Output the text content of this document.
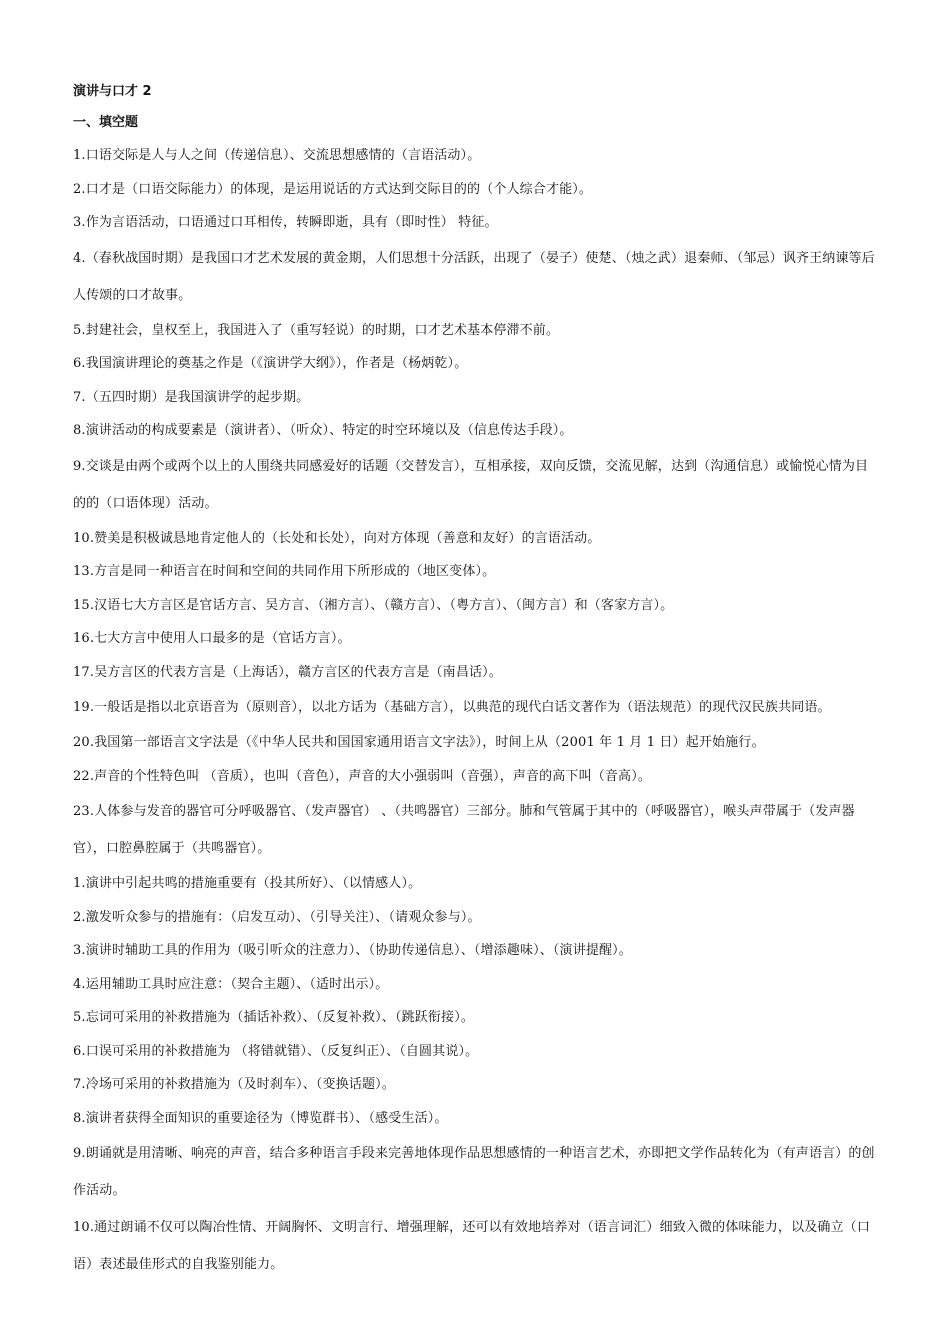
演讲与口才 2

一、填空题

1.口语交际是人与人之间（传递信息）、交流思想感情的（言语活动）。

2.口才是（口语交际能力）的体现，是运用说话的方式达到交际目的的（个人综合才能）。

3.作为言语活动，口语通过口耳相传，转瞬即逝，具有（即时性） 特征。

4.（春秋战国时期）是我国口才艺术发展的黄金期，人们思想十分活跃，出现了（晏子）使楚、（烛之武）退秦师、（邹忌）讽齐王纳谏等后人传颂的口才故事。

5.封建社会，皇权至上，我国进入了（重写轻说）的时期，口才艺术基本停滞不前。

6.我国演讲理论的奠基之作是（《演讲学大纲》），作者是（杨炳乾）。

7.（五四时期）是我国演讲学的起步期。

8.演讲活动的构成要素是（演讲者）、（听众）、特定的时空环境以及（信息传达手段）。

9.交谈是由两个或两个以上的人围绕共同感爱好的话题（交替发言），互相承接，双向反馈，交流见解，达到（沟通信息）或愉悦心情为目的的（口语体现）活动。

10.赞美是积极诚恳地肯定他人的（长处和长处），向对方体现（善意和友好）的言语活动。

13.方言是同一种语言在时间和空间的共同作用下所形成的（地区变体）。

15.汉语七大方言区是官话方言、吴方言、（湘方言）、（赣方言）、（粤方言）、（闽方言）和（客家方言）。

16.七大方言中使用人口最多的是（官话方言）。

17.吴方言区的代表方言是（上海话），赣方言区的代表方言是（南昌话）。

19.一般话是指以北京语音为（原则音），以北方话为（基础方言），以典范的现代白话文著作为（语法规范）的现代汉民族共同语。

20.我国第一部语言文字法是（《中华人民共和国国家通用语言文字法》），时间上从（2001 年 1 月 1 日）起开始施行。

22.声音的个性特色叫 （音质），也叫（音色），声音的大小强弱叫（音强），声音的高下叫（音高）。

23.人体参与发音的器官可分呼吸器官、（发声器官） 、（共鸣器官）三部分。肺和气管属于其中的（呼吸器官），喉头声带属于（发声器官），口腔鼻腔属于（共鸣器官）。

1.演讲中引起共鸣的措施重要有（投其所好）、（以情感人）。

2.激发听众参与的措施有：（启发互动）、（引导关注）、（请观众参与）。

3.演讲时辅助工具的作用为（吸引听众的注意力）、（协助传递信息）、（增添趣味）、（演讲提醒）。

4.运用辅助工具时应注意：（契合主题）、（适时出示）。

5.忘词可采用的补救措施为（插话补救）、（反复补救）、（跳跃衔接）。

6.口误可采用的补救措施为 （将错就错）、（反复纠正）、（自圆其说）。

7.冷场可采用的补救措施为（及时刹车）、（变换话题）。

8.演讲者获得全面知识的重要途径为（博览群书）、（感受生活）。

9.朗诵就是用清晰、响亮的声音，结合多种语言手段来完善地体现作品思想感情的一种语言艺术，亦即把文学作品转化为（有声语言）的创作活动。

10.通过朗诵不仅可以陶冶性情、开阔胸怀、文明言行、增强理解，还可以有效地培养对（语言词汇）细致入微的体味能力，以及确立（口语）表述最佳形式的自我鉴别能力。
